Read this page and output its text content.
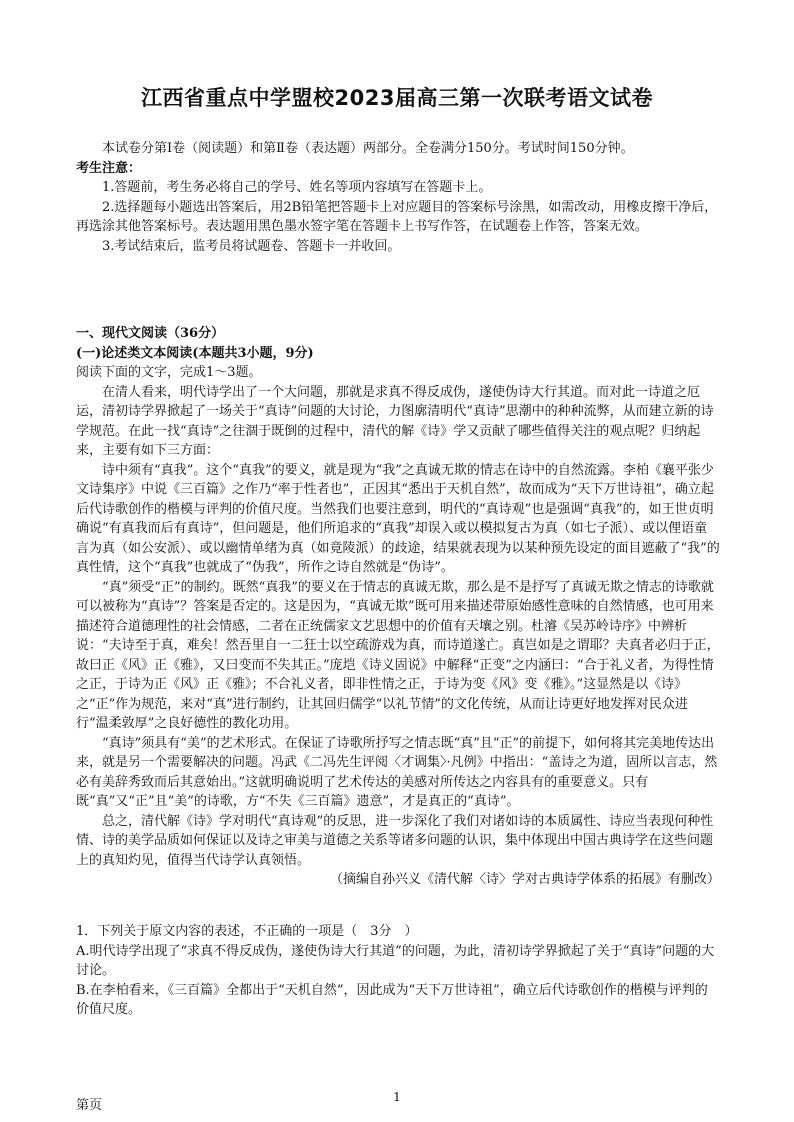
江西省重点中学盟校2023届高三第一次联考语文试卷

本试卷分第Ⅰ卷（阅读题）和第Ⅱ卷（表达题）两部分。全卷满分150分。考试时间150分钟。

考生注意：

1.答题前，考生务必将自己的学号、姓名等项内容填写在答题卡上。

2.选择题每小题选出答案后，用2B铅笔把答题卡上对应题目的答案标号涂黑，如需改动，用橡皮擦干净后，再选涂其他答案标号。表达题用黑色墨水签字笔在答题卡上书写作答，在试题卷上作答，答案无效。

3.考试结束后，监考员将试题卷、答题卡一并收回。

一、现代文阅读（36分）

(一)论述类文本阅读(本题共3小题，9分)

阅读下面的文字，完成1～3题。

在清人看来，明代诗学出了一个大问题，那就是求真不得反成伪，遂使伪诗大行其道。而对此一诗道之厄运，清初诗学界掀起了一场关于“真诗”问题的大讨论，力图廓清明代“真诗”思潮中的种种流弊，从而建立新的诗学规范。在此一找“真诗”之往涸于既倒的过程中，清代的解《诗》学又贡献了哪些值得关注的观点呢？归纳起来，主要有如下三方面：

诗中须有“真我”。这个“真我”的要义，就是现为“我”之真诚无欺的情志在诗中的自然流露。李柏《襄平张少文诗集序》中说《三百篇》之作乃“率于性者也”，正因其“悉出于天机自然”，故而成为“天下万世诗祖”，确立起后代诗歌创作的楷模与评判的价值尺度。当然我们也要注意到，明代的“真诗观”也是强调“真我”的，如王世贞明确说“有真我而后有真诗”，但问题是，他们所追求的“真我”却误入或以模拟复古为真（如七子派）、或以俚语童言为真（如公安派）、或以幽情单绪为真（如竟陵派）的歧途，结果就表现为以某种预先设定的面目遮蔽了“我”的真性情，这个“真我”也就成了“伪我”，所作之诗自然就是“伪诗”。

“真”须受“正”的制约。既然“真我”的要义在于情志的真诚无欺，那么是不是抒写了真诚无欺之情志的诗歌就可以被称为“真诗”？答案是否定的。这是因为，“真诚无欺”既可用来描述带原始感性意味的自然情感，也可用来描述符合道德理性的社会情感，二者在正统儒家文艺思想中的价值有天壤之别。杜濬《吴苏岭诗序》中辨析说：“夫诗至于真，难矣！然吾里自一二狂士以空疏游戏为真，而诗道遂亡。真岂如是之谓耶？夫真者必归于正，故曰正《风》正《雅》，又曰变而不失其正。”庞垲《诗义固说》中解释“正变”之内涵曰：“合于礼义者，为得性情之正，于诗为正《风》正《雅》；不合礼义者，即非性情之正，于诗为变《风》变《雅》。”这显然是以《诗》之“正”作为规范，来对“真”进行制约，让其回归儒学“以礼节情”的文化传统，从而让诗更好地发挥对民众进行“温柔敦厚”之良好德性的教化功用。

“真诗”须具有“美”的艺术形式。在保证了诗歌所抒写之情志既“真”且“正”的前提下，如何将其完美地传达出来，就是另一个需要解决的问题。冯武《二冯先生评阅〈才调集〉·凡例》中指出：“盖诗之为道，固所以言志，然必有美辞秀致而后其意始出。”这就明确说明了艺术传达的美感对所传达之内容具有的重要意义。只有既“真”又“正”且“美”的诗歌，方“不失《三百篇》遗意”，才是真正的“真诗”。

总之，清代解《诗》学对明代“真诗观”的反思，进一步深化了我们对诸如诗的本质属性、诗应当表现何种性情、诗的美学品质如何保证以及诗之审美与道德之关系等诸多问题的认识，集中体现出中国古典诗学在这些问题上的真知灼见，值得当代诗学认真领悟。

（摘编自孙兴义《清代解〈诗〉学对古典诗学体系的拓展》有删改）

1．下列关于原文内容的表述，不正确的一项是（　3分　）

A.明代诗学出现了“求真不得反成伪，遂使伪诗大行其道”的问题，为此，清初诗学界掀起了关于“真诗”问题的大讨论。

B.在李柏看来，《三百篇》全都出于“天机自然”，因此成为“天下万世诗祖”，确立后代诗歌创作的楷模与评判的价值尺度。

第页
1
